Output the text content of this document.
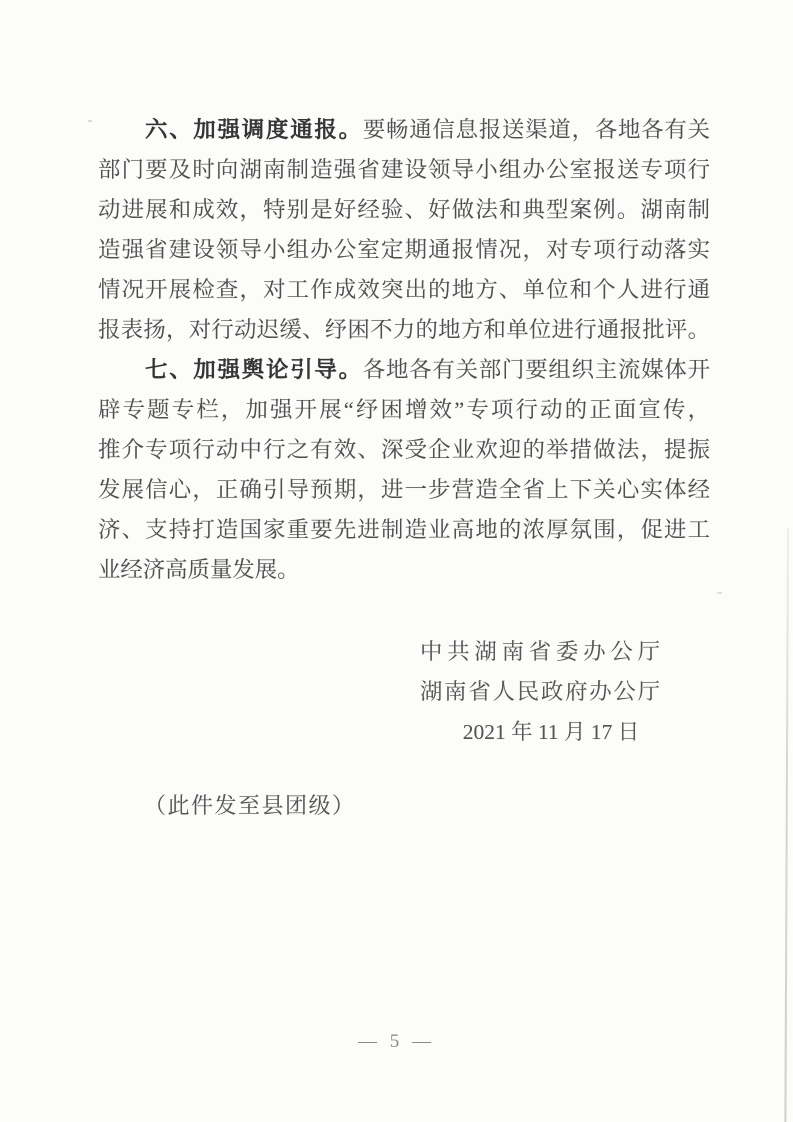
六、加强调度通报。要畅通信息报送渠道，各地各有关
部门要及时向湖南制造强省建设领导小组办公室报送专项行
动进展和成效，特别是好经验、好做法和典型案例。湖南制
造强省建设领导小组办公室定期通报情况，对专项行动落实
情况开展检查，对工作成效突出的地方、单位和个人进行通
报表扬，对行动迟缓、纾困不力的地方和单位进行通报批评。
七、加强舆论引导。各地各有关部门要组织主流媒体开
辟专题专栏，加强开展“纾困增效”专项行动的正面宣传，
推介专项行动中行之有效、深受企业欢迎的举措做法，提振
发展信心，正确引导预期，进一步营造全省上下关心实体经
济、支持打造国家重要先进制造业高地的浓厚氛围，促进工
业经济高质量发展。
中共湖南省委办公厅
湖南省人民政府办公厅
2021 年 11 月 17 日
（此件发至县团级）
— 5 —
